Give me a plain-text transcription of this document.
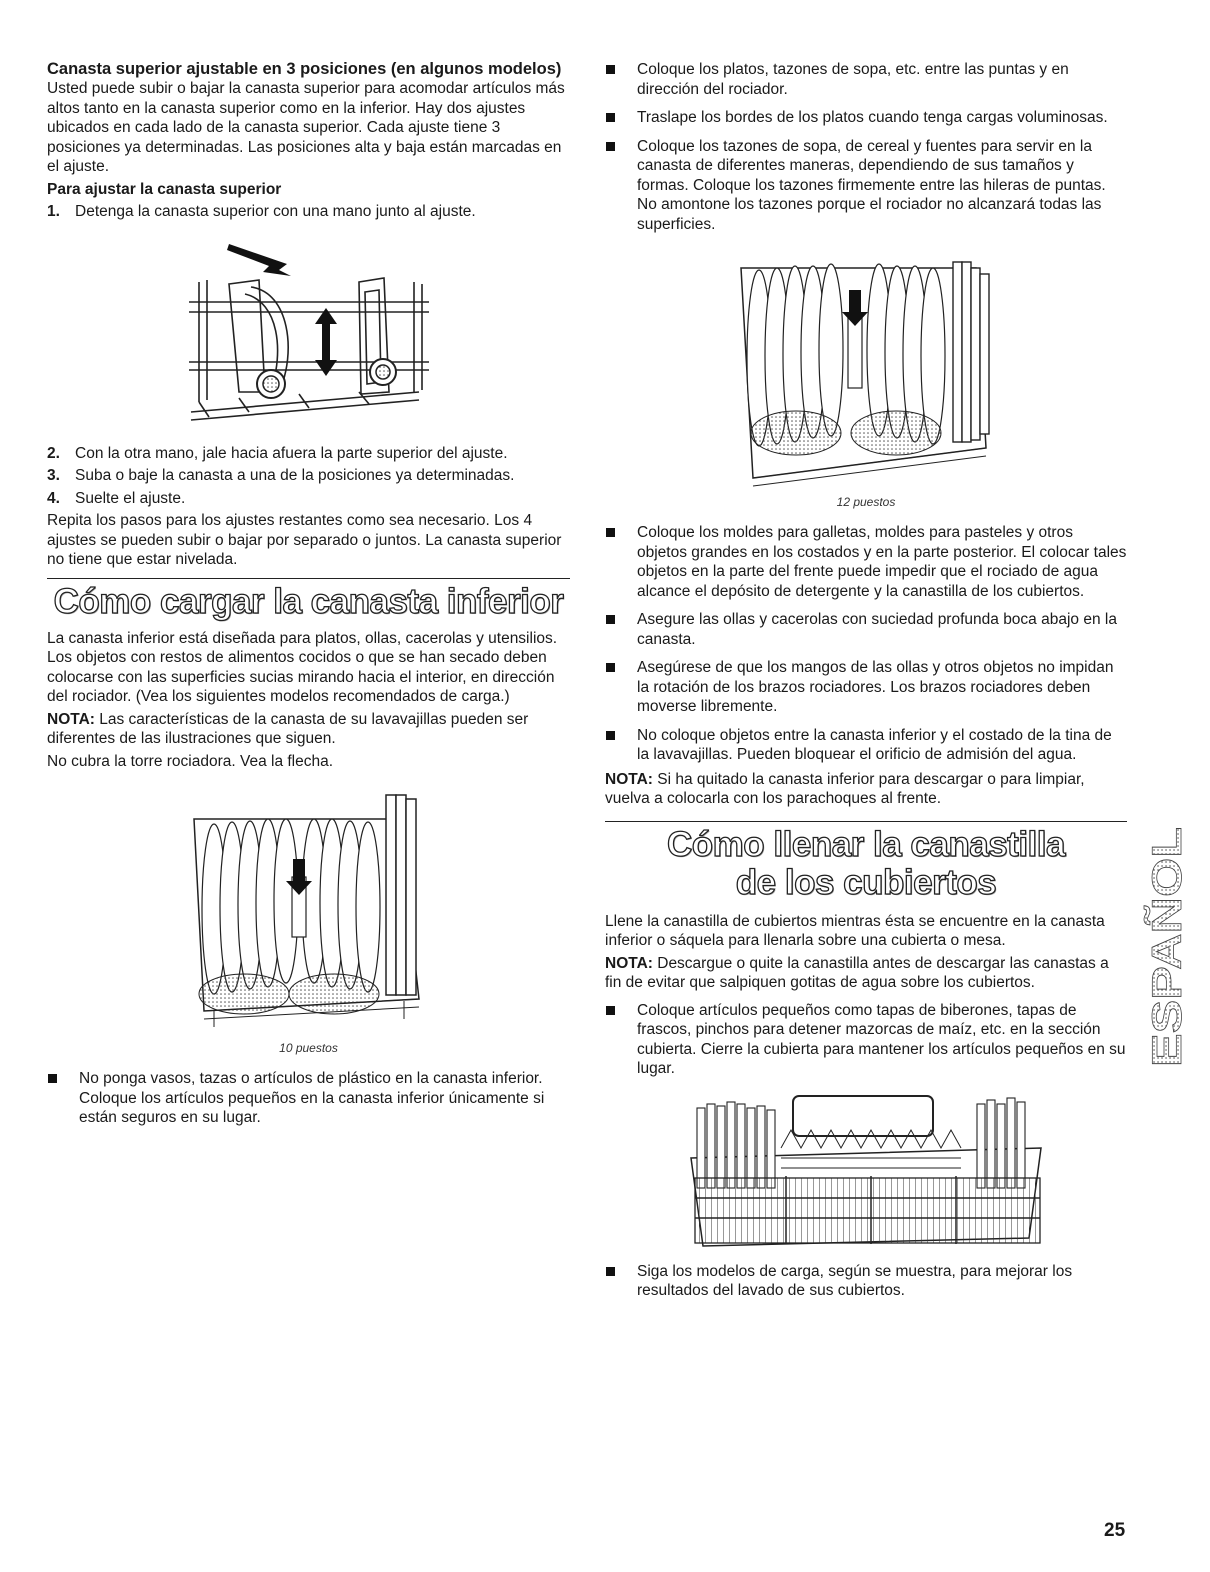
Canasta superior ajustable en 3 posiciones (en algunos modelos)

Usted puede subir o bajar la canasta superior para acomodar artículos más altos tanto en la canasta superior como en la inferior. Hay dos ajustes ubicados en cada lado de la canasta superior. Cada ajuste tiene 3 posiciones ya determinadas. Las posiciones alta y baja están marcadas en el ajuste.

Para ajustar la canasta superior

1. Detenga la canasta superior con una mano junto al ajuste.
2. Con la otra mano, jale hacia afuera la parte superior del ajuste.
3. Suba o baje la canasta a una de la posiciones ya determinadas.
4. Suelte el ajuste.

Repita los pasos para los ajustes restantes como sea necesario. Los 4 ajustes se pueden subir o bajar por separado o juntos. La canasta superior no tiene que estar nivelada.

Cómo cargar la canasta inferior

La canasta inferior está diseñada para platos, ollas, cacerolas y utensilios. Los objetos con restos de alimentos cocidos o que se han secado deben colocarse con las superficies sucias mirando hacia el interior, en dirección del rociador. (Vea los siguientes modelos recomendados de carga.)

NOTA: Las características de la canasta de su lavavajillas pueden ser diferentes de las ilustraciones que siguen.

No cubra la torre rociadora. Vea la flecha.

10 puestos
No ponga vasos, tazas o artículos de plástico en la canasta inferior. Coloque los artículos pequeños en la canasta inferior únicamente si están seguros en su lugar.
Coloque los platos, tazones de sopa, etc. entre las puntas y en dirección del rociador.
Traslape los bordes de los platos cuando tenga cargas voluminosas.
Coloque los tazones de sopa, de cereal y fuentes para servir en la canasta de diferentes maneras, dependiendo de sus tamaños y formas. Coloque los tazones firmemente entre las hileras de puntas. No amontone los tazones porque el rociador no alcanzará todas las superficies.
12 puestos
Coloque los moldes para galletas, moldes para pasteles y otros objetos grandes en los costados y en la parte posterior. El colocar tales objetos en la parte del frente puede impedir que el rociado de agua alcance el depósito de detergente y la canastilla de los cubiertos.
Asegure las ollas y cacerolas con suciedad profunda boca abajo en la canasta.
Asegúrese de que los mangos de las ollas y otros objetos no impidan la rotación de los brazos rociadores. Los brazos rociadores deben moverse libremente.
No coloque objetos entre la canasta inferior y el costado de la tina de la lavavajillas. Pueden bloquear el orificio de admisión del agua.

NOTA: Si ha quitado la canasta inferior para descargar o para limpiar, vuelva a colocarla con los parachoques al frente.

Cómo llenar la canastilla
de los cubiertos

Llene la canastilla de cubiertos mientras ésta se encuentre en la canasta inferior o sáquela para llenarla sobre una cubierta o mesa.

NOTA: Descargue o quite la canastilla antes de descargar las canastas a fin de evitar que salpiquen gotitas de agua sobre los cubiertos.

Coloque artículos pequeños como tapas de biberones, tapas de frascos, pinchos para detener mazorcas de maíz, etc. en la sección cubierta. Cierre la cubierta para mantener los artículos pequeños en su lugar.
Siga los modelos de carga, según se muestra, para mejorar los resultados del lavado de sus cubiertos.
ESPAÑOL
25
